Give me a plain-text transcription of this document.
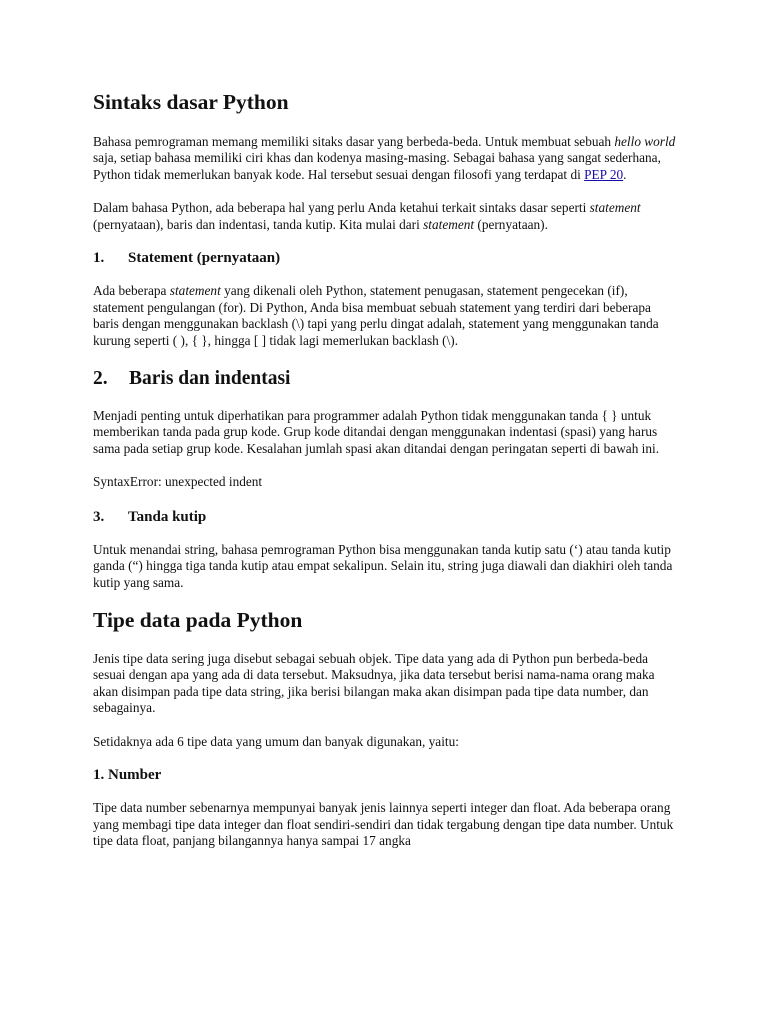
Sintaks dasar Python

Bahasa pemrograman memang memiliki sitaks dasar yang berbeda-beda. Untuk membuat sebuah hello world saja, setiap bahasa memiliki ciri khas dan kodenya masing-masing. Sebagai bahasa yang sangat sederhana, Python tidak memerlukan banyak kode. Hal tersebut sesuai dengan filosofi yang terdapat di PEP 20.

Dalam bahasa Python, ada beberapa hal yang perlu Anda ketahui terkait sintaks dasar seperti statement (pernyataan), baris dan indentasi, tanda kutip. Kita mulai dari statement (pernyataan).

1. Statement (pernyataan)

Ada beberapa statement yang dikenali oleh Python, statement penugasan, statement pengecekan (if), statement pengulangan (for). Di Python, Anda bisa membuat sebuah statement yang terdiri dari beberapa baris dengan menggunakan backlash (\) tapi yang perlu dingat adalah, statement yang menggunakan tanda kurung seperti ( ), { }, hingga [ ] tidak lagi memerlukan backlash (\).

2. Baris dan indentasi

Menjadi penting untuk diperhatikan para programmer adalah Python tidak menggunakan tanda { } untuk memberikan tanda pada grup kode. Grup kode ditandai dengan menggunakan indentasi (spasi) yang harus sama pada setiap grup kode. Kesalahan jumlah spasi akan ditandai dengan peringatan seperti di bawah ini.

SyntaxError: unexpected indent

3. Tanda kutip

Untuk menandai string, bahasa pemrograman Python bisa menggunakan tanda kutip satu (‘) atau tanda kutip ganda (“) hingga tiga tanda kutip atau empat sekalipun. Selain itu, string juga diawali dan diakhiri oleh tanda kutip yang sama.

Tipe data pada Python

Jenis tipe data sering juga disebut sebagai sebuah objek. Tipe data yang ada di Python pun berbeda-beda sesuai dengan apa yang ada di data tersebut. Maksudnya, jika data tersebut berisi nama-nama orang maka akan disimpan pada tipe data string, jika berisi bilangan maka akan disimpan pada tipe data number, dan sebagainya.

Setidaknya ada 6 tipe data yang umum dan banyak digunakan, yaitu:

1. Number

Tipe data number sebenarnya mempunyai banyak jenis lainnya seperti integer dan float. Ada beberapa orang yang membagi tipe data integer dan float sendiri-sendiri dan tidak tergabung dengan tipe data number. Untuk tipe data float, panjang bilangannya hanya sampai 17 angka
